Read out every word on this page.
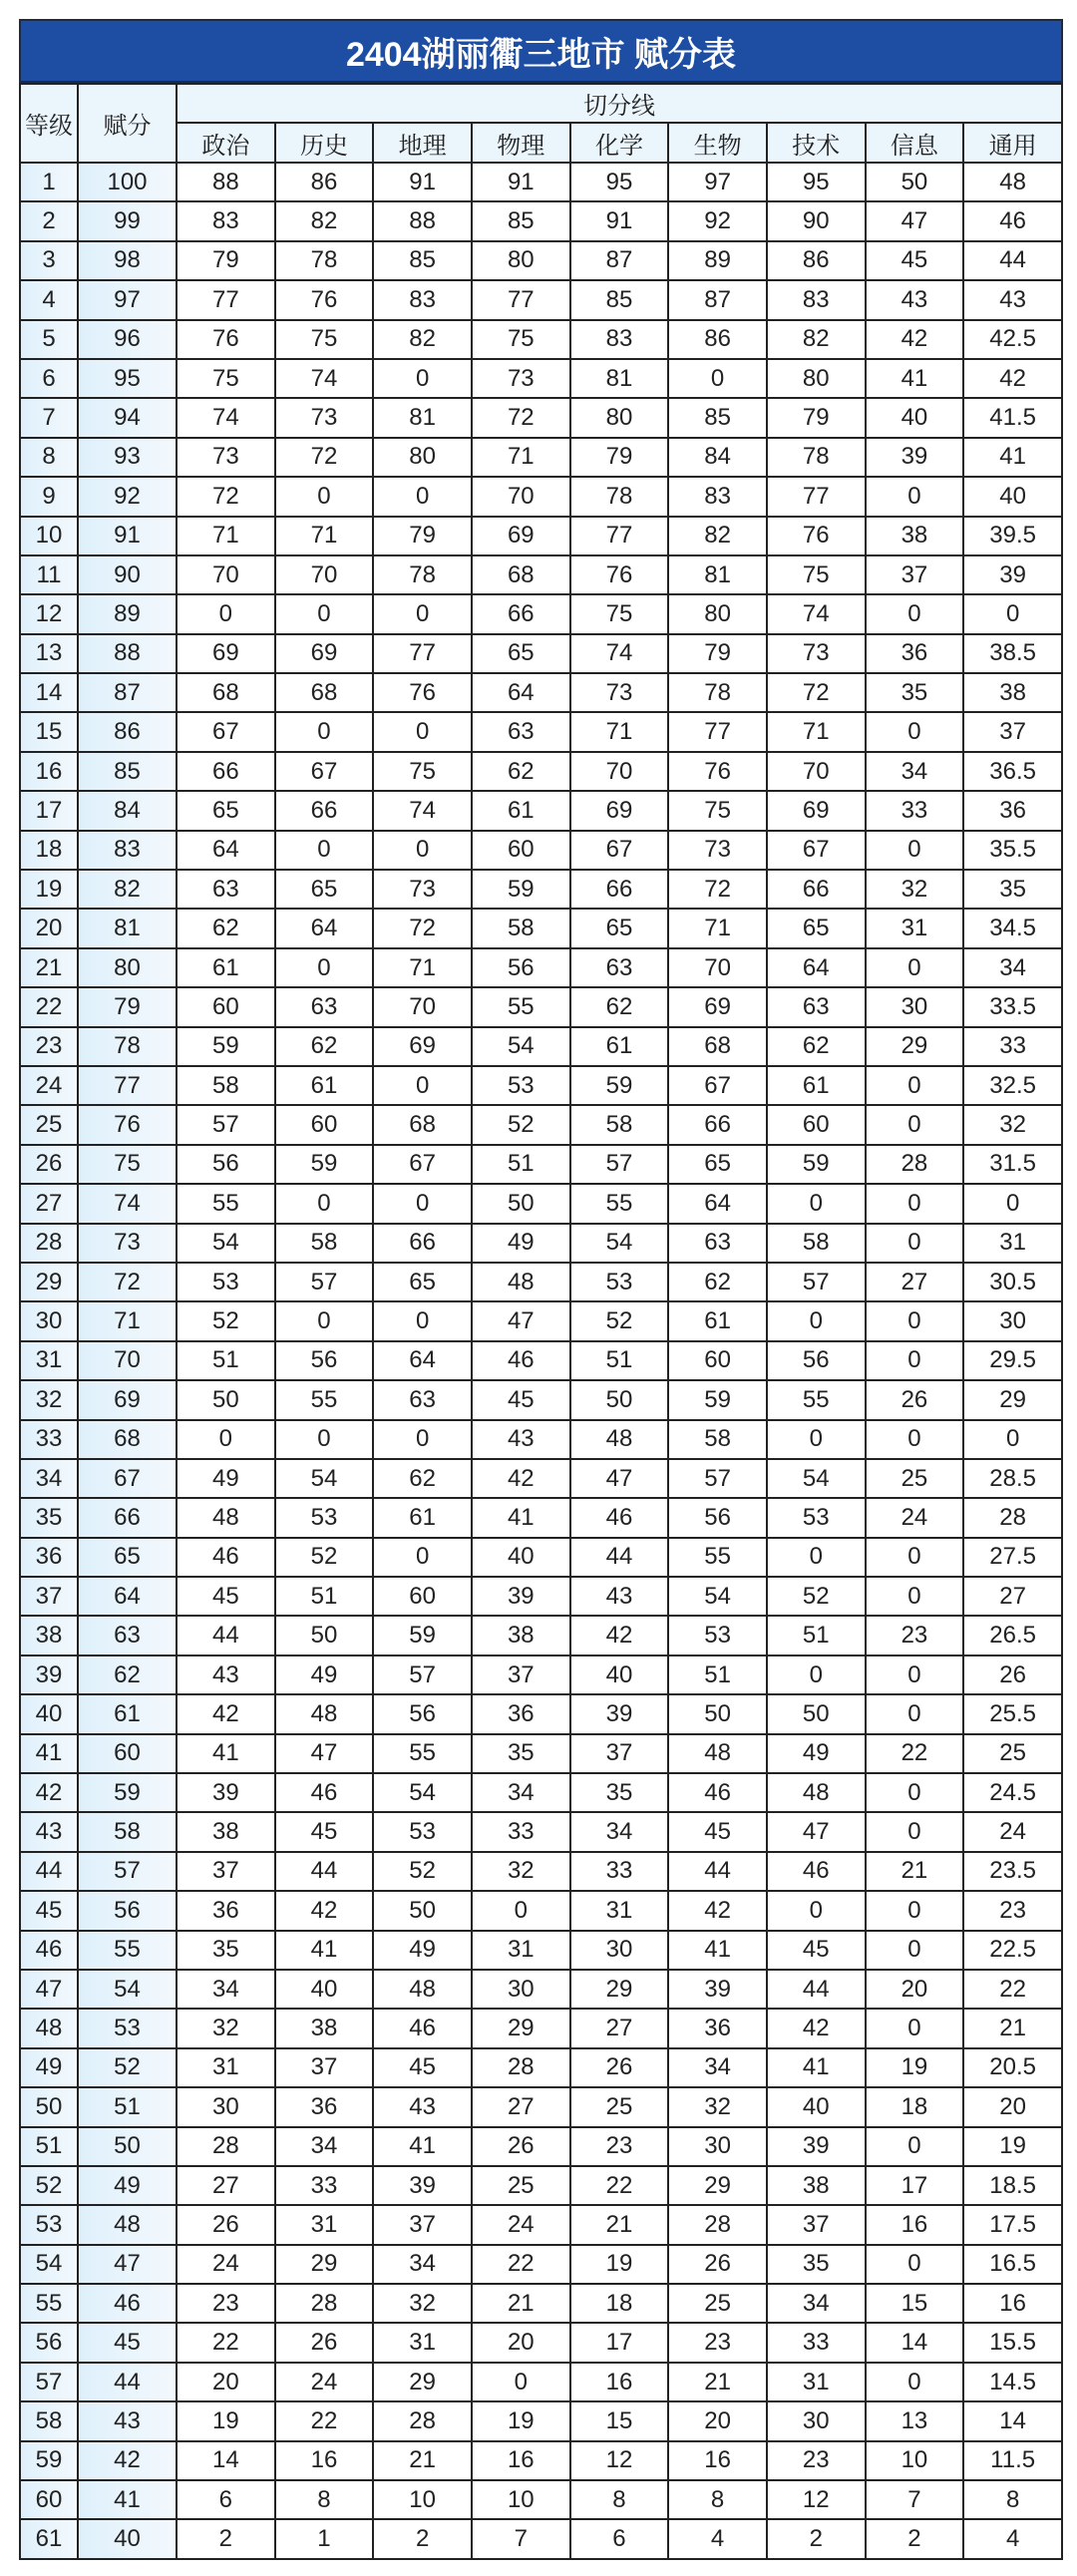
2404湖丽衢三地市 赋分表
等级	赋分	切分线								
		政治	历史	地理	物理	化学	生物	技术	信息	通用
1	100	88	86	91	91	95	97	95	50	48
2	99	83	82	88	85	91	92	90	47	46
3	98	79	78	85	80	87	89	86	45	44
4	97	77	76	83	77	85	87	83	43	43
5	96	76	75	82	75	83	86	82	42	42.5
6	95	75	74	0	73	81	0	80	41	42
7	94	74	73	81	72	80	85	79	40	41.5
8	93	73	72	80	71	79	84	78	39	41
9	92	72	0	0	70	78	83	77	0	40
10	91	71	71	79	69	77	82	76	38	39.5
11	90	70	70	78	68	76	81	75	37	39
12	89	0	0	0	66	75	80	74	0	0
13	88	69	69	77	65	74	79	73	36	38.5
14	87	68	68	76	64	73	78	72	35	38
15	86	67	0	0	63	71	77	71	0	37
16	85	66	67	75	62	70	76	70	34	36.5
17	84	65	66	74	61	69	75	69	33	36
18	83	64	0	0	60	67	73	67	0	35.5
19	82	63	65	73	59	66	72	66	32	35
20	81	62	64	72	58	65	71	65	31	34.5
21	80	61	0	71	56	63	70	64	0	34
22	79	60	63	70	55	62	69	63	30	33.5
23	78	59	62	69	54	61	68	62	29	33
24	77	58	61	0	53	59	67	61	0	32.5
25	76	57	60	68	52	58	66	60	0	32
26	75	56	59	67	51	57	65	59	28	31.5
27	74	55	0	0	50	55	64	0	0	0
28	73	54	58	66	49	54	63	58	0	31
29	72	53	57	65	48	53	62	57	27	30.5
30	71	52	0	0	47	52	61	0	0	30
31	70	51	56	64	46	51	60	56	0	29.5
32	69	50	55	63	45	50	59	55	26	29
33	68	0	0	0	43	48	58	0	0	0
34	67	49	54	62	42	47	57	54	25	28.5
35	66	48	53	61	41	46	56	53	24	28
36	65	46	52	0	40	44	55	0	0	27.5
37	64	45	51	60	39	43	54	52	0	27
38	63	44	50	59	38	42	53	51	23	26.5
39	62	43	49	57	37	40	51	0	0	26
40	61	42	48	56	36	39	50	50	0	25.5
41	60	41	47	55	35	37	48	49	22	25
42	59	39	46	54	34	35	46	48	0	24.5
43	58	38	45	53	33	34	45	47	0	24
44	57	37	44	52	32	33	44	46	21	23.5
45	56	36	42	50	0	31	42	0	0	23
46	55	35	41	49	31	30	41	45	0	22.5
47	54	34	40	48	30	29	39	44	20	22
48	53	32	38	46	29	27	36	42	0	21
49	52	31	37	45	28	26	34	41	19	20.5
50	51	30	36	43	27	25	32	40	18	20
51	50	28	34	41	26	23	30	39	0	19
52	49	27	33	39	25	22	29	38	17	18.5
53	48	26	31	37	24	21	28	37	16	17.5
54	47	24	29	34	22	19	26	35	0	16.5
55	46	23	28	32	21	18	25	34	15	16
56	45	22	26	31	20	17	23	33	14	15.5
57	44	20	24	29	0	16	21	31	0	14.5
58	43	19	22	28	19	15	20	30	13	14
59	42	14	16	21	16	12	16	23	10	11.5
60	41	6	8	10	10	8	8	12	7	8
61	40	2	1	2	7	6	4	2	2	4
